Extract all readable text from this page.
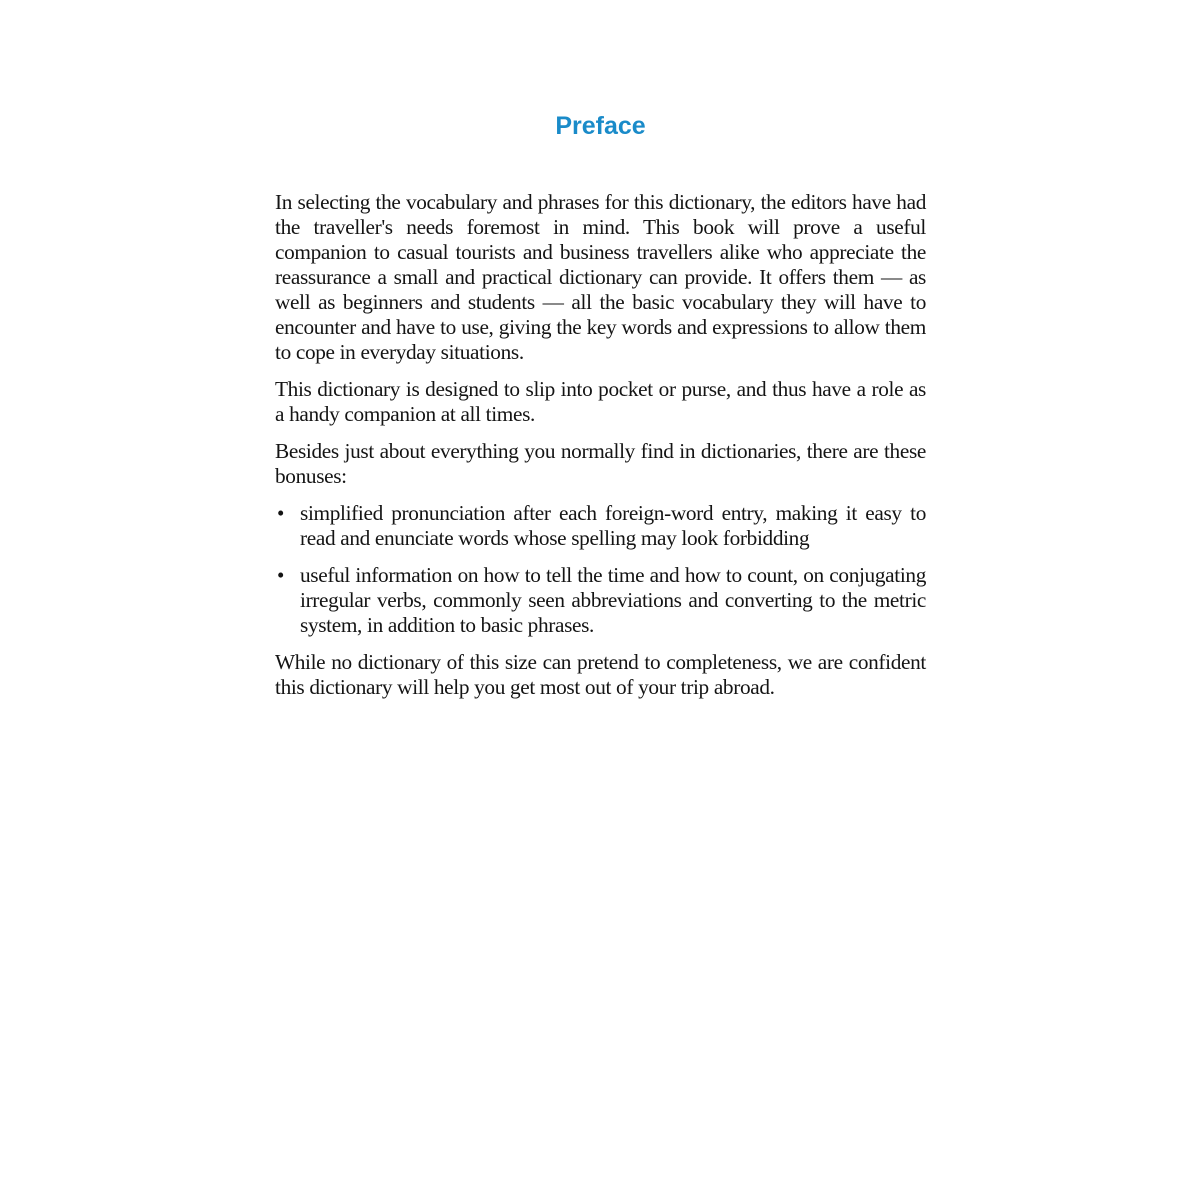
Preface

In selecting the vocabulary and phrases for this dictionary, the editors have had the traveller's needs foremost in mind. This book will prove a useful companion to casual tourists and business travellers alike who appreciate the reassurance a small and practical dictionary can provide. It offers them — as well as beginners and students — all the basic vocabulary they will have to encounter and have to use, giving the key words and expressions to allow them to cope in everyday situations.

This dictionary is designed to slip into pocket or purse, and thus have a role as a handy companion at all times.

Besides just about everything you normally find in dictionaries, there are these bonuses:

• simplified pronunciation after each foreign-word entry, making it easy to read and enunciate words whose spelling may look forbidding
• useful information on how to tell the time and how to count, on conjugating irregular verbs, commonly seen abbreviations and converting to the metric system, in addition to basic phrases.

While no dictionary of this size can pretend to completeness, we are confident this dictionary will help you get most out of your trip abroad.
